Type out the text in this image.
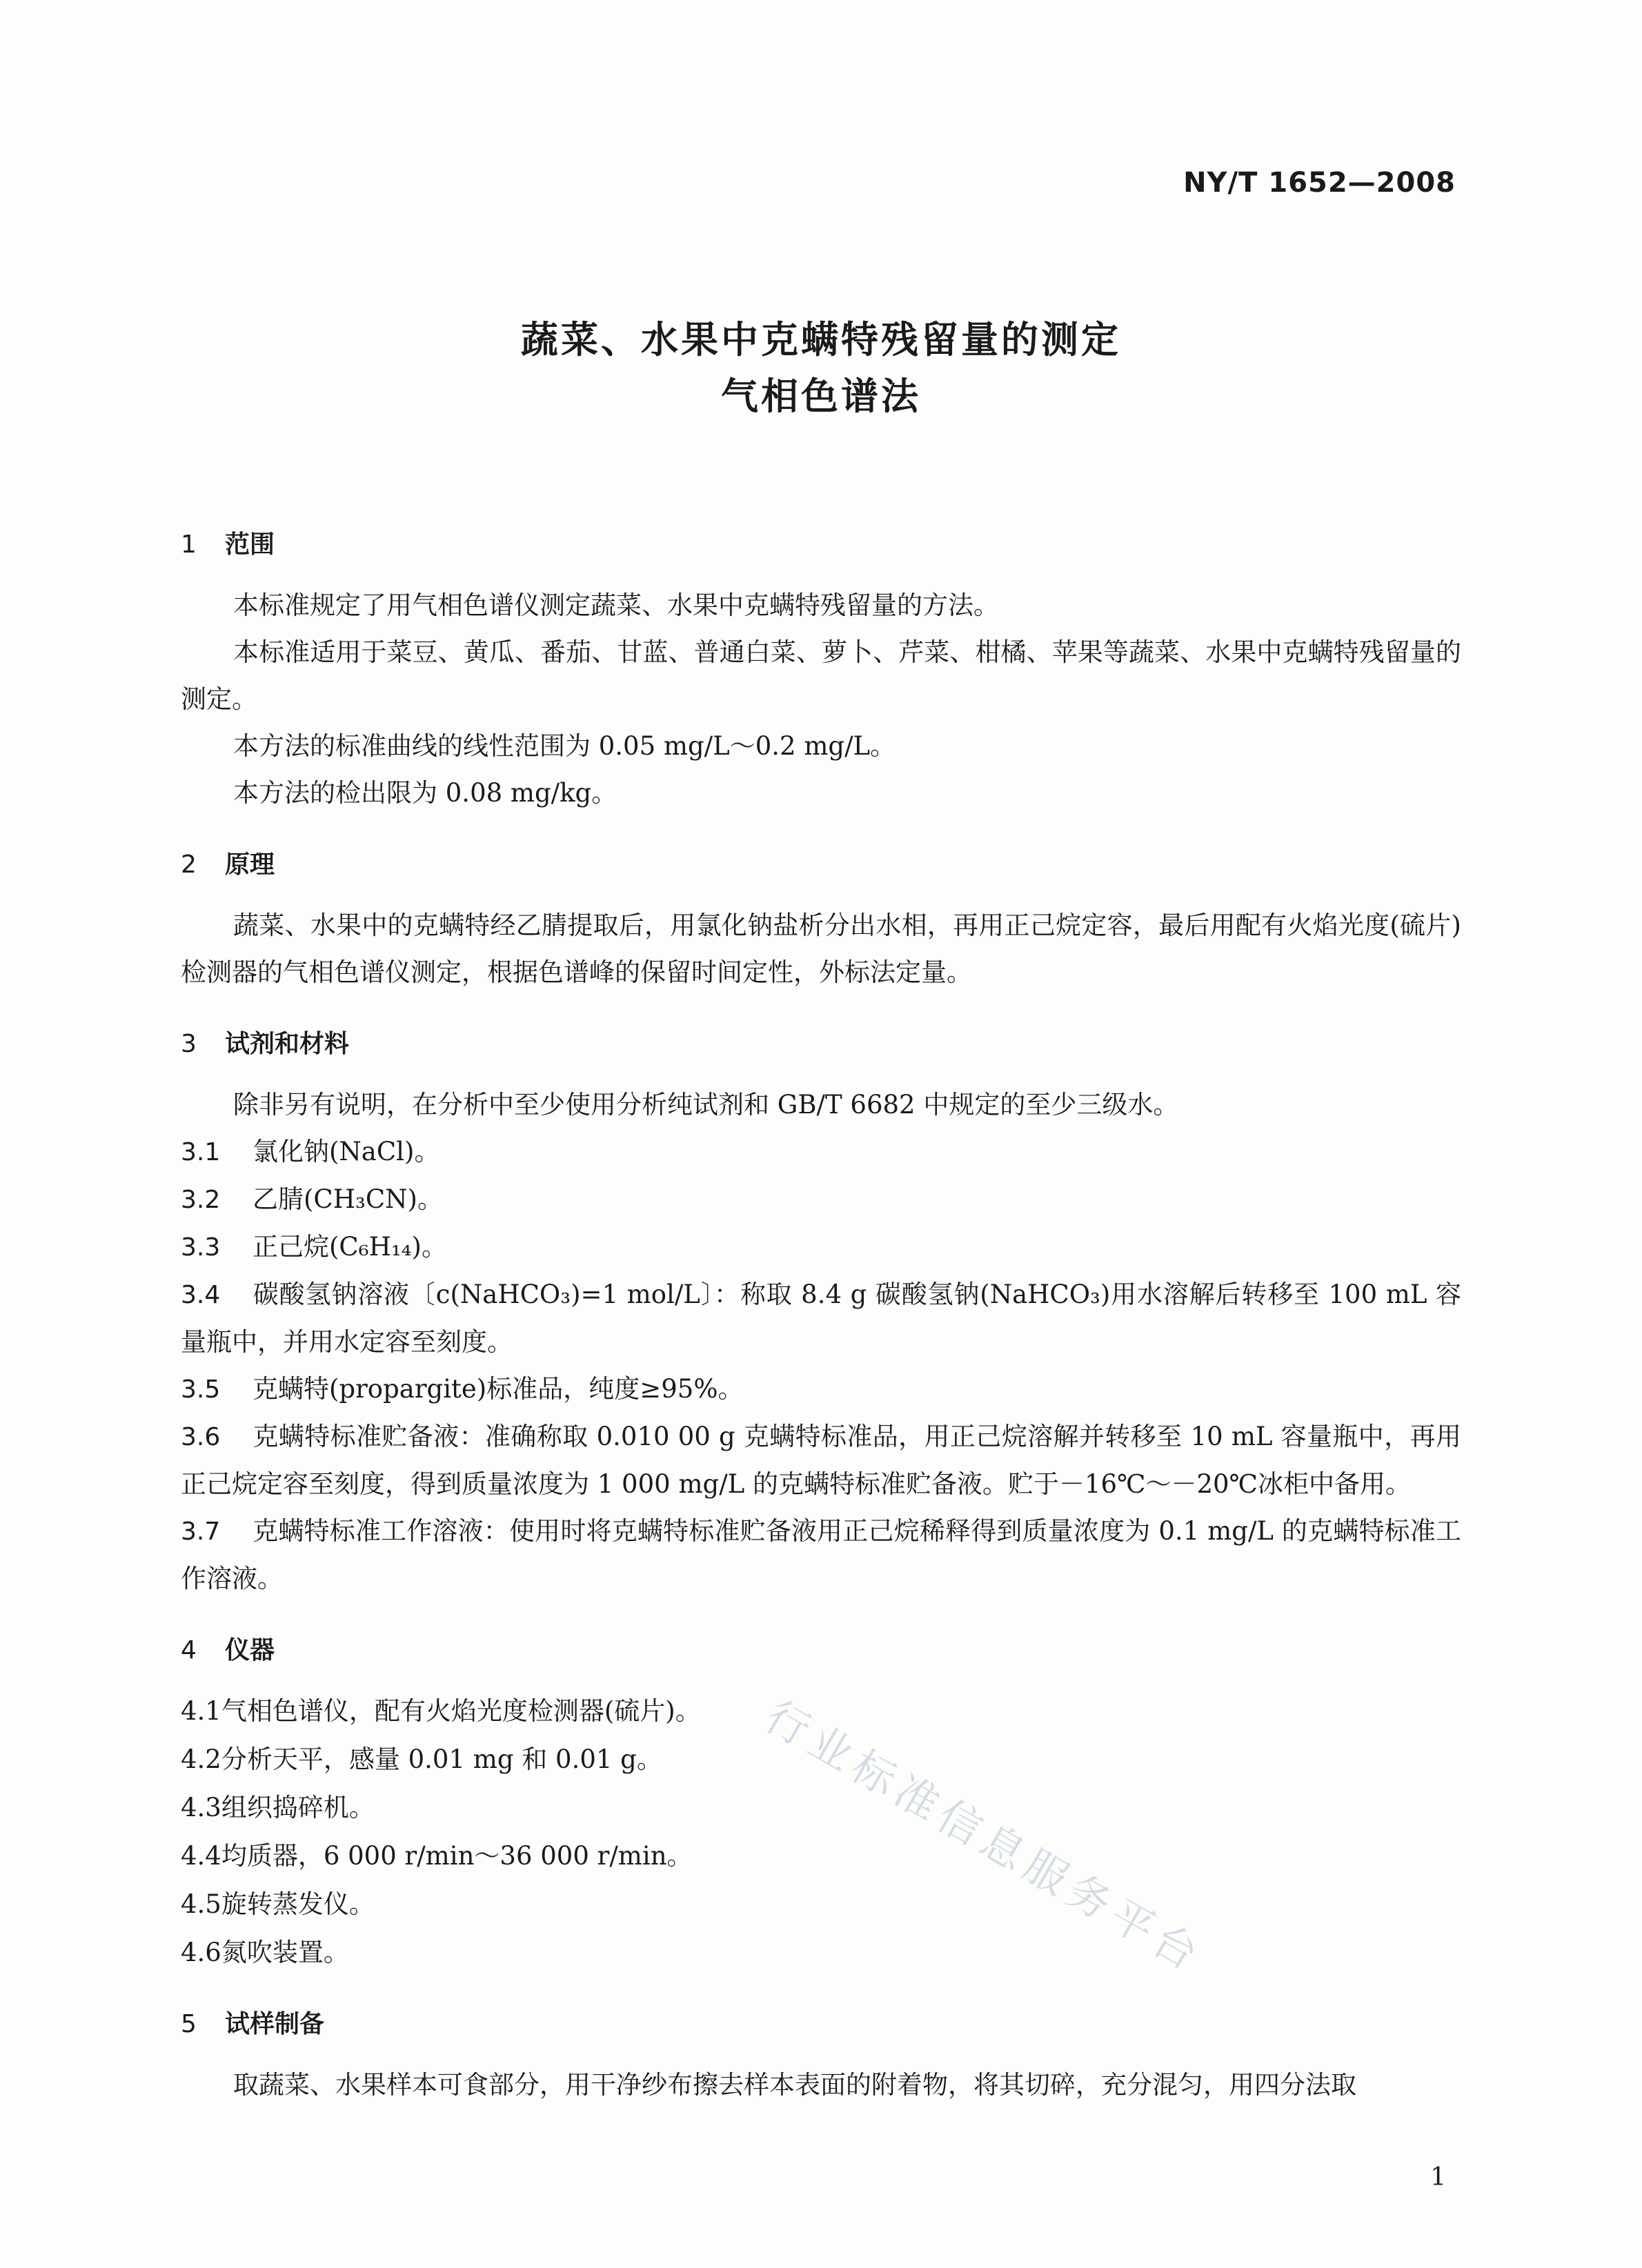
NY/T 1652—2008
蔬菜、水果中克螨特残留量的测定
气相色谱法
1 范围

本标准规定了用气相色谱仪测定蔬菜、水果中克螨特残留量的方法。

本标准适用于菜豆、黄瓜、番茄、甘蓝、普通白菜、萝卜、芹菜、柑橘、苹果等蔬菜、水果中克螨特残留量的测定。

本方法的标准曲线的线性范围为 0.05 mg/L～0.2 mg/L。

本方法的检出限为 0.08 mg/kg。

2 原理

蔬菜、水果中的克螨特经乙腈提取后，用氯化钠盐析分出水相，再用正己烷定容，最后用配有火焰光度(硫片)检测器的气相色谱仪测定，根据色谱峰的保留时间定性，外标法定量。

3 试剂和材料

除非另有说明，在分析中至少使用分析纯试剂和 GB/T 6682 中规定的至少三级水。

3.1 氯化钠(NaCl)。

3.2 乙腈(CH₃CN)。

3.3 正己烷(C₆H₁₄)。

3.4 碳酸氢钠溶液〔c(NaHCO₃)=1 mol/L〕：称取 8.4 g 碳酸氢钠(NaHCO₃)用水溶解后转移至 100 mL 容量瓶中，并用水定容至刻度。

3.5 克螨特(propargite)标准品，纯度≥95%。

3.6 克螨特标准贮备液：准确称取 0.010 00 g 克螨特标准品，用正己烷溶解并转移至 10 mL 容量瓶中，再用正己烷定容至刻度，得到质量浓度为 1 000 mg/L 的克螨特标准贮备液。贮于－16℃～－20℃冰柜中备用。

3.7 克螨特标准工作溶液：使用时将克螨特标准贮备液用正己烷稀释得到质量浓度为 0.1 mg/L 的克螨特标准工作溶液。

4 仪器

4.1气相色谱仪，配有火焰光度检测器(硫片)。

4.2分析天平，感量 0.01 mg 和 0.01 g。

4.3组织捣碎机。

4.4均质器，6 000 r/min～36 000 r/min。

4.5旋转蒸发仪。

4.6氮吹装置。

5 试样制备

取蔬菜、水果样本可食部分，用干净纱布擦去样本表面的附着物，将其切碎，充分混匀，用四分法取

行业标准信息服务平台
1
